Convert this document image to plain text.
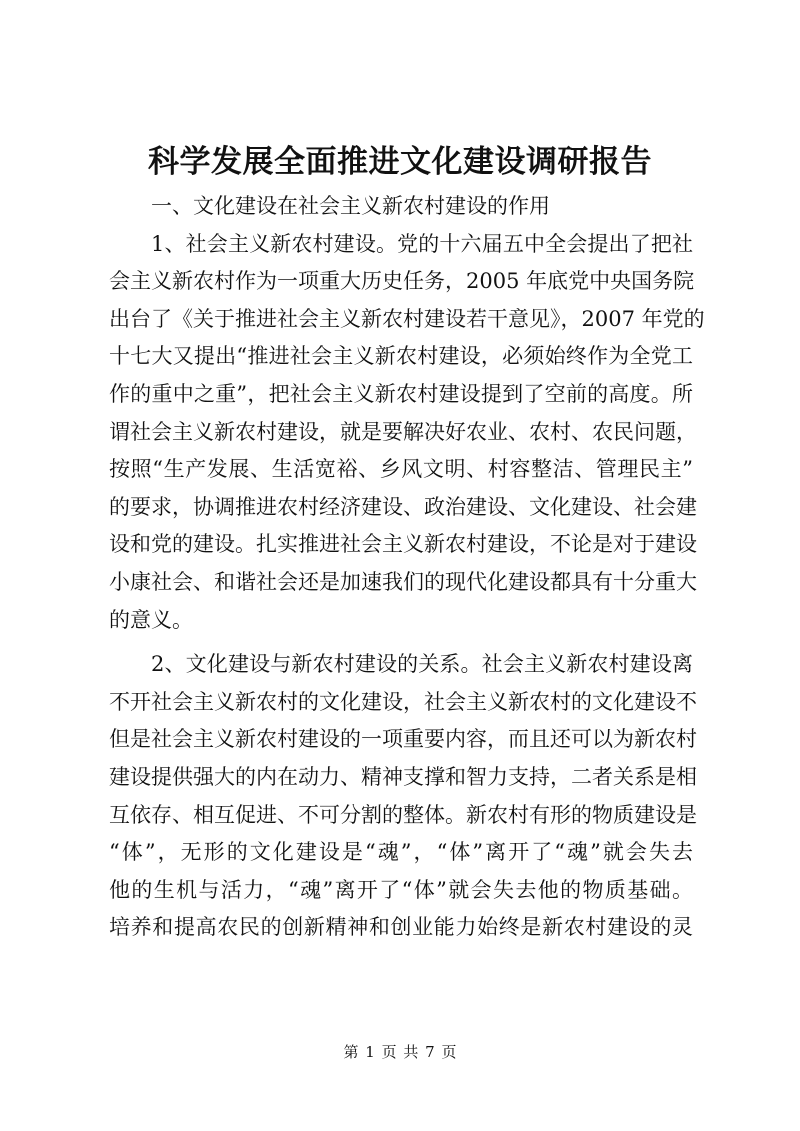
科学发展全面推进文化建设调研报告
一、文化建设在社会主义新农村建设的作用
1、社会主义新农村建设。党的十六届五中全会提出了把社
会主义新农村作为一项重大历史任务，2005 年底党中央国务院
出台了《关于推进社会主义新农村建设若干意见》，2007 年党的
十七大又提出“推进社会主义新农村建设，必须始终作为全党工
作的重中之重”，把社会主义新农村建设提到了空前的高度。所
谓社会主义新农村建设，就是要解决好农业、农村、农民问题，
按照“生产发展、生活宽裕、乡风文明、村容整洁、管理民主”
的要求，协调推进农村经济建设、政治建设、文化建设、社会建
设和党的建设。扎实推进社会主义新农村建设，不论是对于建设
小康社会、和谐社会还是加速我们的现代化建设都具有十分重大
的意义。
2、文化建设与新农村建设的关系。社会主义新农村建设离
不开社会主义新农村的文化建设，社会主义新农村的文化建设不
但是社会主义新农村建设的一项重要内容，而且还可以为新农村
建设提供强大的内在动力、精神支撑和智力支持，二者关系是相
互依存、相互促进、不可分割的整体。新农村有形的物质建设是
“体”，无形的文化建设是“魂”，“体”离开了“魂”就会失去
他的生机与活力，“魂”离开了“体”就会失去他的物质基础。
培养和提高农民的创新精神和创业能力始终是新农村建设的灵
第 1 页 共 7 页
